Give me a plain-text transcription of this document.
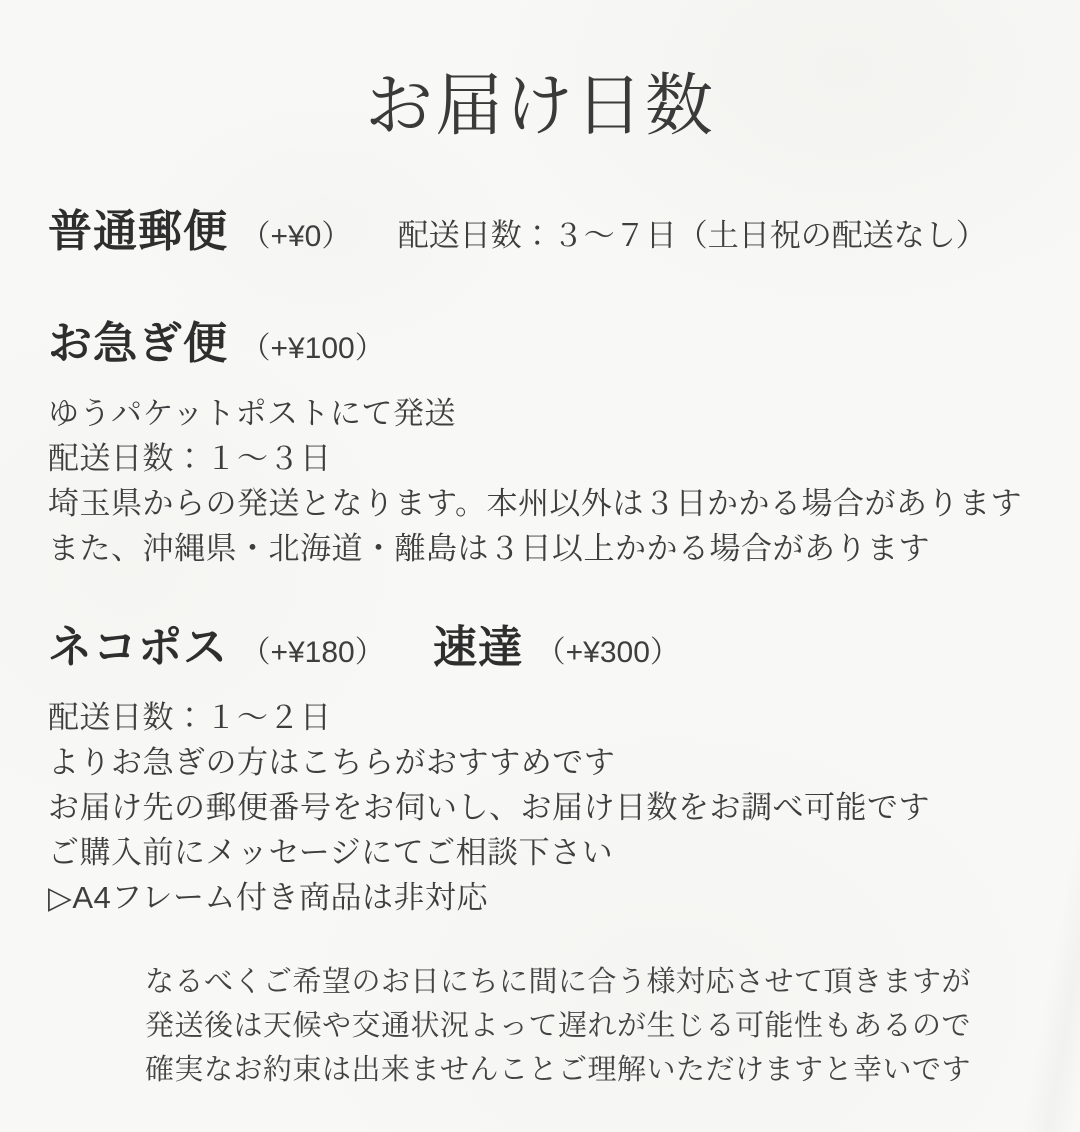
お届け日数
普通郵便 （+¥0） 配送日数：３〜７日（土日祝の配送なし）
お急ぎ便 （+¥100）

ゆうパケットポストにて発送

配送日数：１〜３日

埼玉県からの発送となります。本州以外は３日かかる場合があります

また、沖縄県・北海道・離島は３日以上かかる場合があります

ネコポス （+¥180） 速達 （+¥300）

配送日数：１〜２日

よりお急ぎの方はこちらがおすすめです

お届け先の郵便番号をお伺いし、お届け日数をお調べ可能です

ご購入前にメッセージにてご相談下さい

▷A4フレーム付き商品は非対応

なるべくご希望のお日にちに間に合う様対応させて頂きますが

発送後は天候や交通状況よって遅れが生じる可能性もあるので

確実なお約束は出来ませんことご理解いただけますと幸いです
